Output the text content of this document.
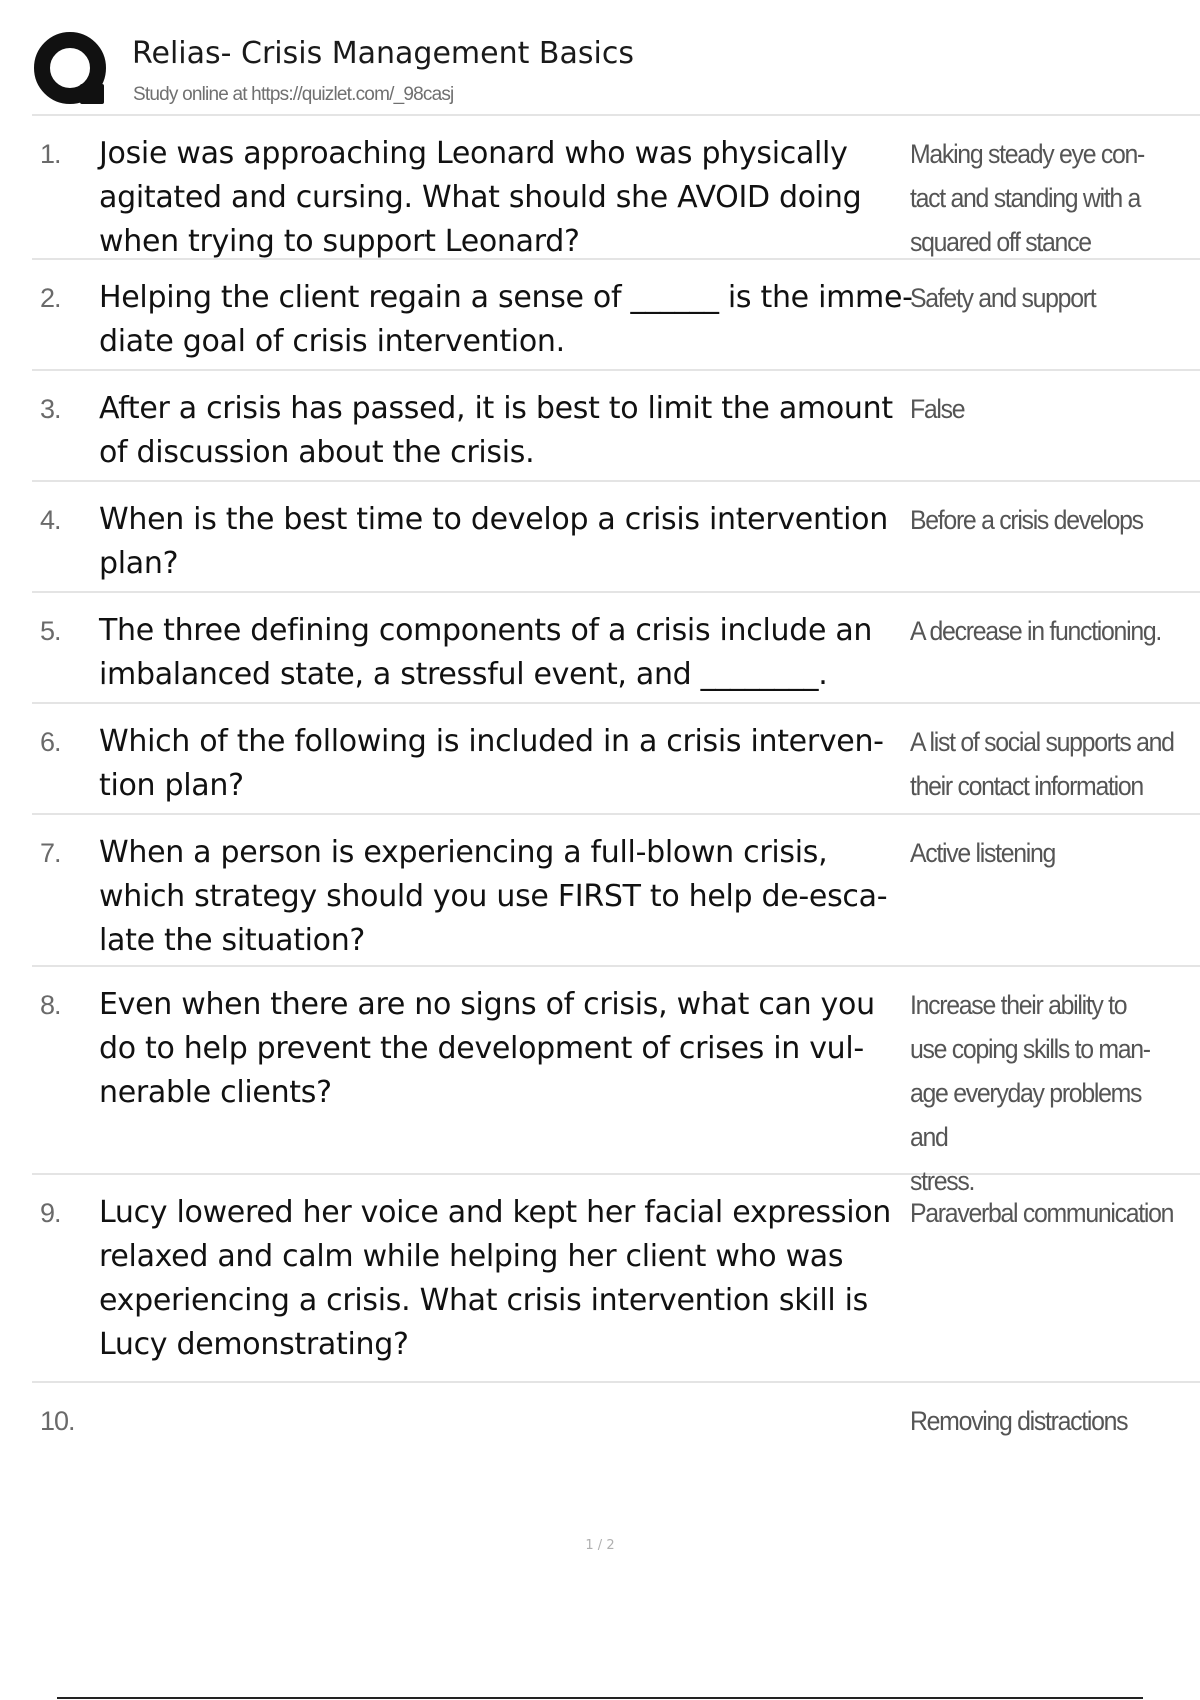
Relias- Crisis Management Basics
Study online at https://quizlet.com/_98casj
1. Josie was approaching Leonard who was physically
agitated and cursing. What should she AVOID doing
when trying to support Leonard?
Making steady eye con-
tact and standing with a
squared off stance
2. Helping the client regain a sense of ______ is the imme-
diate goal of crisis intervention.
Safety and support
3. After a crisis has passed, it is best to limit the amount
of discussion about the crisis.
False
4. When is the best time to develop a crisis intervention
plan?
Before a crisis develops
5. The three defining components of a crisis include an
imbalanced state, a stressful event, and ________.
A decrease in functioning.
6. Which of the following is included in a crisis interven-
tion plan?
A list of social supports and
their contact information
7. When a person is experiencing a full-blown crisis,
which strategy should you use FIRST to help de-esca-
late the situation?
Active listening
8. Even when there are no signs of crisis, what can you
do to help prevent the development of crises in vul-
nerable clients?
Increase their ability to
use coping skills to man-
age everyday problems and
stress.
9. Lucy lowered her voice and kept her facial expression
relaxed and calm while helping her client who was
experiencing a crisis. What crisis intervention skill is
Lucy demonstrating?
Paraverbal communication
10.	Removing distractions
1 / 2
